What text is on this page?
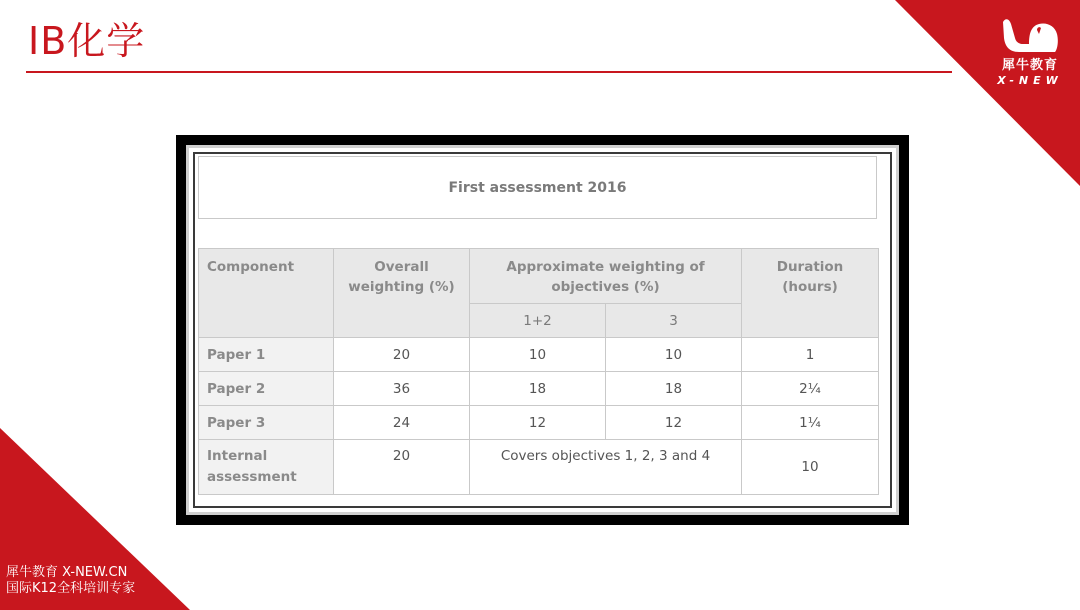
IB化学
犀牛教育
X-NEW
犀牛教育 X-NEW.CN
国际K12全科培训专家
First assessment 2016
Component	Overall weighting (%)	Approximate weighting of objectives (%)		Duration (hours)
		1+2	3	
Paper 1	20	10	10	1
Paper 2	36	18	18	2¼
Paper 3	24	12	12	1¼
Internal assessment	20	Covers objectives 1, 2, 3 and 4		10
